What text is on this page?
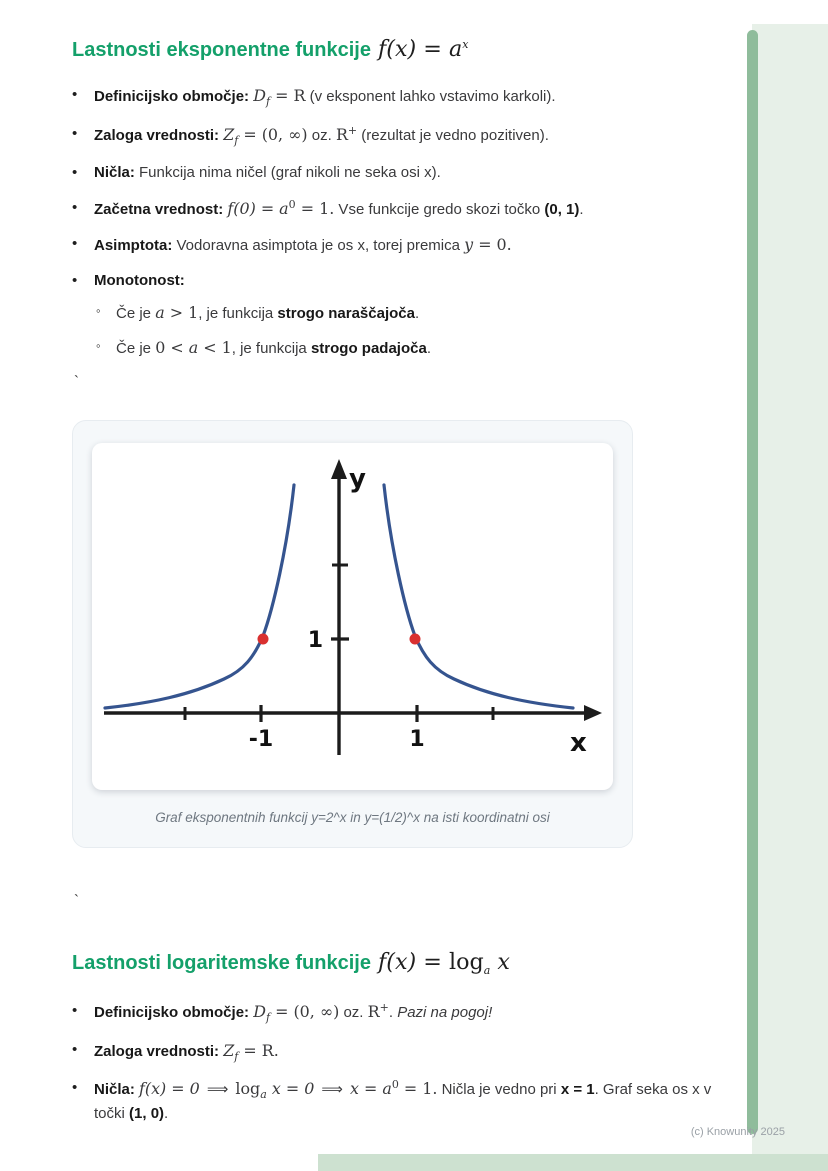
Lastnosti eksponentne funkcije $f(x) = a^x$
•	Definicijsko območje: $D_f = R$ (v eksponent lahko vstavimo karkoli).
•	Zaloga vrednosti: $Z_f = (0$, ∞) oz. R+ (rezultat je vedno pozitiven).
•	Ničla: Funkcija nima ničel (graf nikoli ne seka osi x).
•	Začetna vrednost: $f(0) = a^0 = 1$. Vse funkcije gredo skozi točko (0, 1).
•	Asimptota: Vodoravna asimptota je os x, torej premica y = 0.
•	Monotonost:
◦	Če je a > 1, je funkcija strogo naraščajoča.
◦	Če je 0 < a < 1, je funkcija strogo padajoča.
`
y
x
-1	1
1
Graf eksponentnih funkcij y=2^x in y=(1/2)^x na isti koordinatni osi
`
Lastnosti logaritemske funkcije $f(x) = \log_a x$
•	Definicijsko območje: $D_f = (0$, ∞) oz. R+. Pazi na pogoj!
•	Zaloga vrednosti: $Z_f = R$.
•	Ničla: f(x) = 0 ⟹ $\log_a x = 0$ ⟹ $x = a^0 = 1$. Ničla je vedno pri x = 1. Graf seka os x v točki (1, 0).
(c) Knowunity 2025
